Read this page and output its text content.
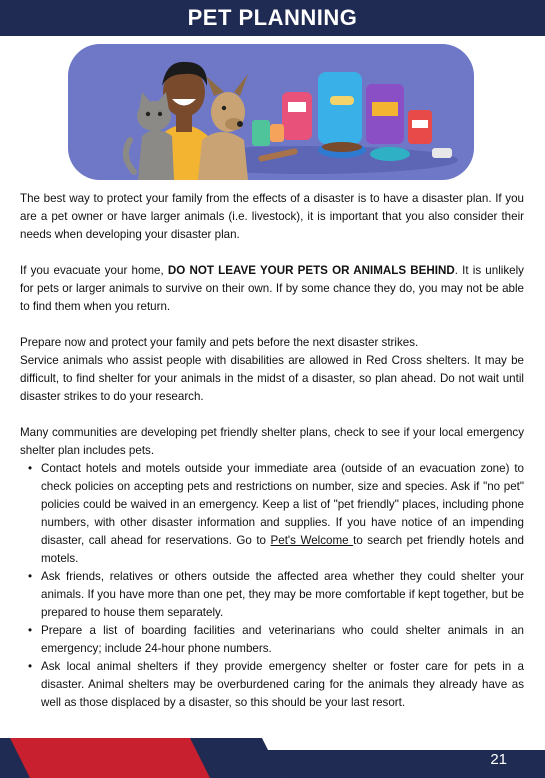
PET PLANNING

The best way to protect your family from the effects of a disaster is to have a disaster plan. If you are a pet owner or have larger animals (i.e. livestock), it is important that you also consider their needs when developing your disaster plan.

If you evacuate your home, DO NOT LEAVE YOUR PETS OR ANIMALS BEHIND. It is unlikely for pets or larger animals to survive on their own. If by some chance they do, you may not be able to find them when you return.

Prepare now and protect your family and pets before the next disaster strikes.

Service animals who assist people with disabilities are allowed in Red Cross shelters. It may be difficult, to find shelter for your animals in the midst of a disaster, so plan ahead. Do not wait until disaster strikes to do your research.

Many communities are developing pet friendly shelter plans, check to see if your local emergency shelter plan includes pets.

• Contact hotels and motels outside your immediate area (outside of an evacuation zone) to check policies on accepting pets and restrictions on number, size and species. Ask if "no pet" policies could be waived in an emergency. Keep a list of "pet friendly" places, including phone numbers, with other disaster information and supplies. If you have notice of an impending disaster, call ahead for reservations. Go to Pet's Welcome to search pet friendly hotels and motels.
• Ask friends, relatives or others outside the affected area whether they could shelter your animals. If you have more than one pet, they may be more comfortable if kept together, but be prepared to house them separately.
• Prepare a list of boarding facilities and veterinarians who could shelter animals in an emergency; include 24-hour phone numbers.
• Ask local animal shelters if they provide emergency shelter or foster care for pets in a disaster. Animal shelters may be overburdened caring for the animals they already have as well as those displaced by a disaster, so this should be your last resort.
21
